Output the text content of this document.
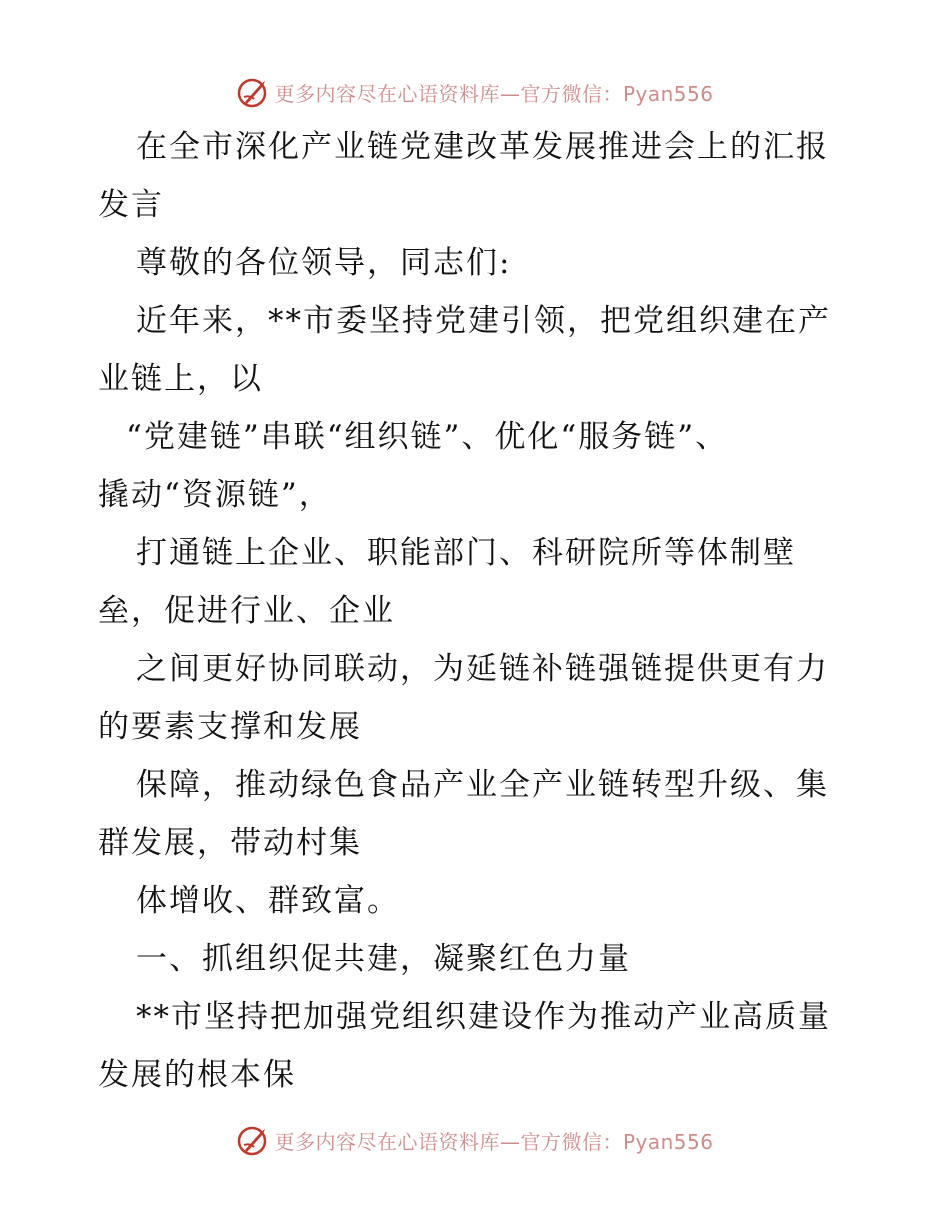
更多内容尽在心语资料库—官方微信：Pyan556
在全市深化产业链党建改革发展推进会上的汇报
发言
尊敬的各位领导，同志们:
近年来，**市委坚持党建引领，把党组织建在产
业链上，以
“党建链”串联“组织链”、优化“服务链”、
撬动“资源链”，
打通链上企业、职能部门、科研院所等体制壁
垒，促进行业、企业
之间更好协同联动，为延链补链强链提供更有力
的要素支撑和发展
保障，推动绿色食品产业全产业链转型升级、集
群发展，带动村集
体增收、群致富。
一、抓组织促共建，凝聚红色力量
**市坚持把加强党组织建设作为推动产业高质量
发展的根本保
更多内容尽在心语资料库—官方微信：Pyan556
